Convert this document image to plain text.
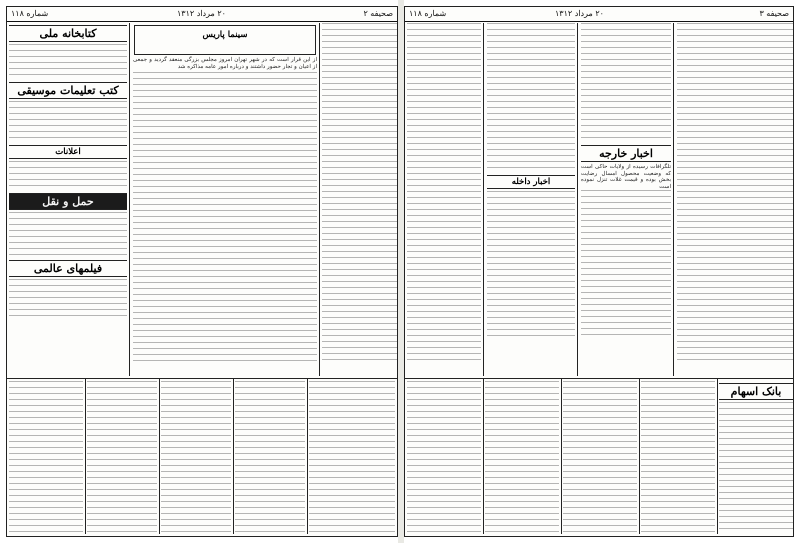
شماره ۱۱۸	۲۰ مرداد ۱۳۱۲	صحيفه ۲
کتابخانه ملی
کتب تعلیمات موسیقی
اعلانات
حمل و نقل
فیلمهای عالمی
سینما پاریس
از این قرار است که در شهر تهران امروز مجلس بزرگی منعقد گردید و جمعی از اعیان و تجار حضور داشتند و درباره امور عامه مذاکره شد
شماره ۱۱۸	۲۰ مرداد ۱۳۱۲	صحیفه ۳
اخبار داخله
اخبار خارجه
تلگرافات رسیده از ولایات حاکی است که وضعیت محصول امسال رضایت بخش بوده و قیمت غلات تنزل نموده است
بانک اسهام
